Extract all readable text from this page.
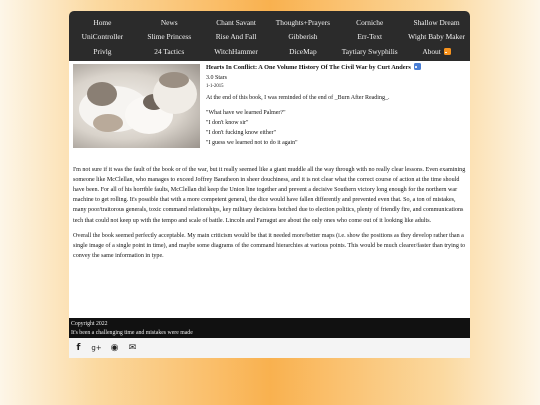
Home	News	Chant Savant	Thoughts+Prayers	Corniche	Shallow Dream
UniController	Slime Princess	Rise And Fall	Gibberish	Err-Text	Wight Baby Maker
Privlg	24 Tactics	WitchHammer	DiceMap	Taytiary Swyphilis	About
Hearts In Conflict: A One Volume History Of The Civil War by Curt Anders
3.0 Stars
1-1-2015
At the end of this book, I was reminded of the end of _Burn After Reading_.
"What have we learned Palmer?"
"I don't know sir"
"I don't fucking know either"
"I guess we learned not to do it again"

I'm not sure if it was the fault of the book or of the war, but it really seemed like a giant muddle all the way through with no really clear lessons. Even examining someone like McClellan, who manages to exceed Joffrey Baratheon in sheer douchiness, and it is not clear what the correct course of action at the time should have been. For all of his horrible faults, McClellan did keep the Union line together and prevent a decisive Southern victory long enough for the northern war machine to get rolling. It's possible that with a more competent general, the dice would have fallen differently and prevented even that. So, a ton of mistakes, many poor/traitorous generals, toxic command relationships, key military decisions botched due to election politics, plenty of friendly fire, and communications tech that could not keep up with the tempo and scale of battle. Lincoln and Farragut are about the only ones who come out of it looking like adults.

Overall the book seemed perfectly acceptable. My main criticism would be that it needed more/better maps (i.e. show the positions as they develop rather than a single image of a single point in time), and maybe some diagrams of the command hierarchies at various points. This would be much clearer/faster than trying to convey the same information in type.

Copyright 2022
It's been a challenging time and mistakes were made
f	g+ ◉	✉
